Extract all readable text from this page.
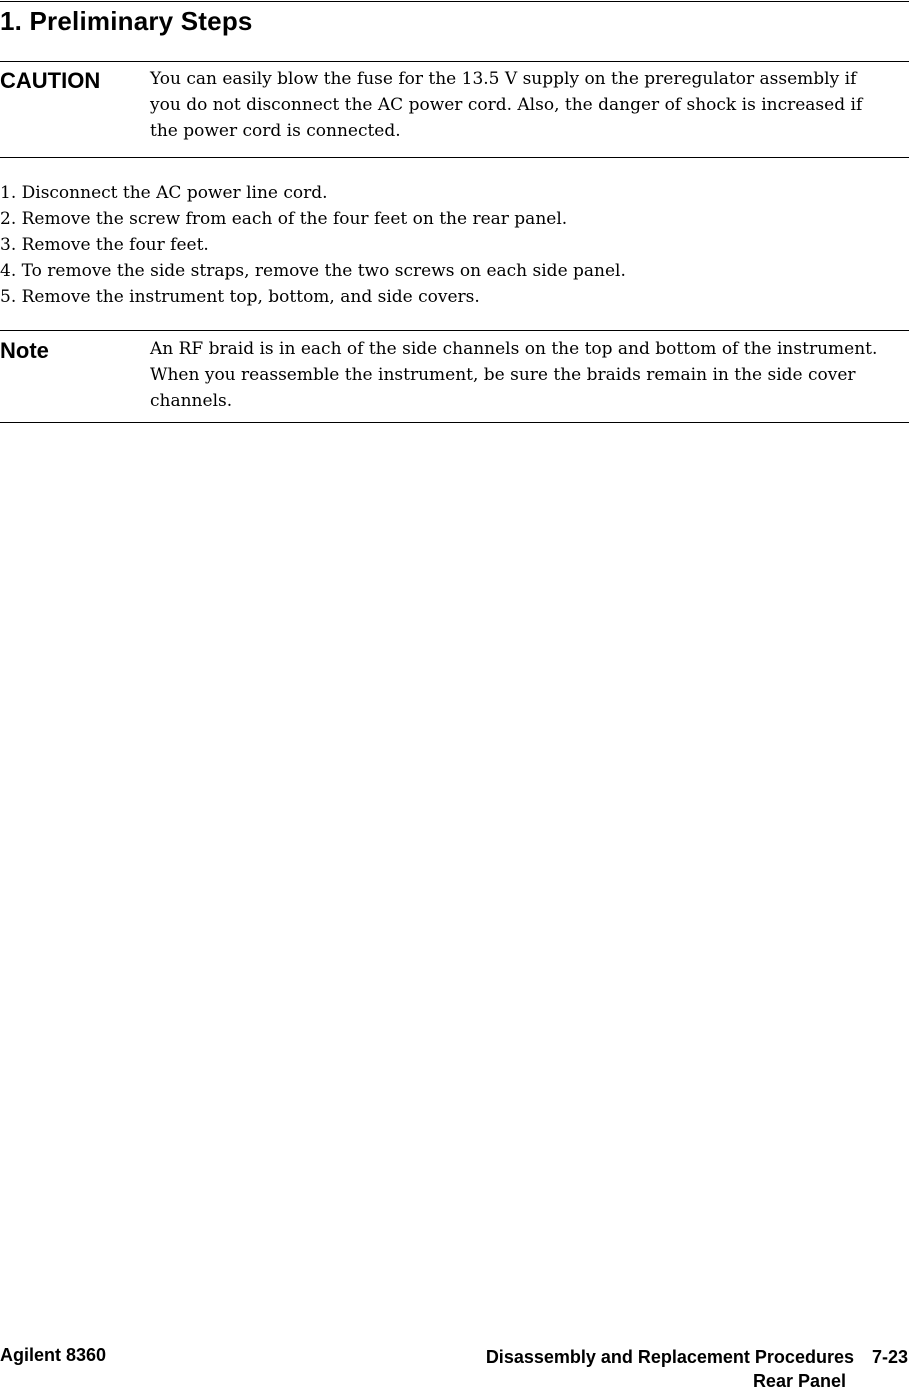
1. Preliminary Steps
CAUTION	You can easily blow the fuse for the 13.5 V supply on the preregulator assembly if you do not disconnect the AC power cord. Also, the danger of shock is increased if the power cord is connected.

1. Disconnect the AC power line cord.
2. Remove the screw from each of the four feet on the rear panel.
3. Remove the four feet.
4. To remove the side straps, remove the two screws on each side panel.
5. Remove the instrument top, bottom, and side covers.
Note	An RF braid is in each of the side channels on the top and bottom of the instrument. When you reassemble the instrument, be sure the braids remain in the side cover channels.

Agilent 8360	Disassembly and Replacement Procedures 7-23
Rear Panel
